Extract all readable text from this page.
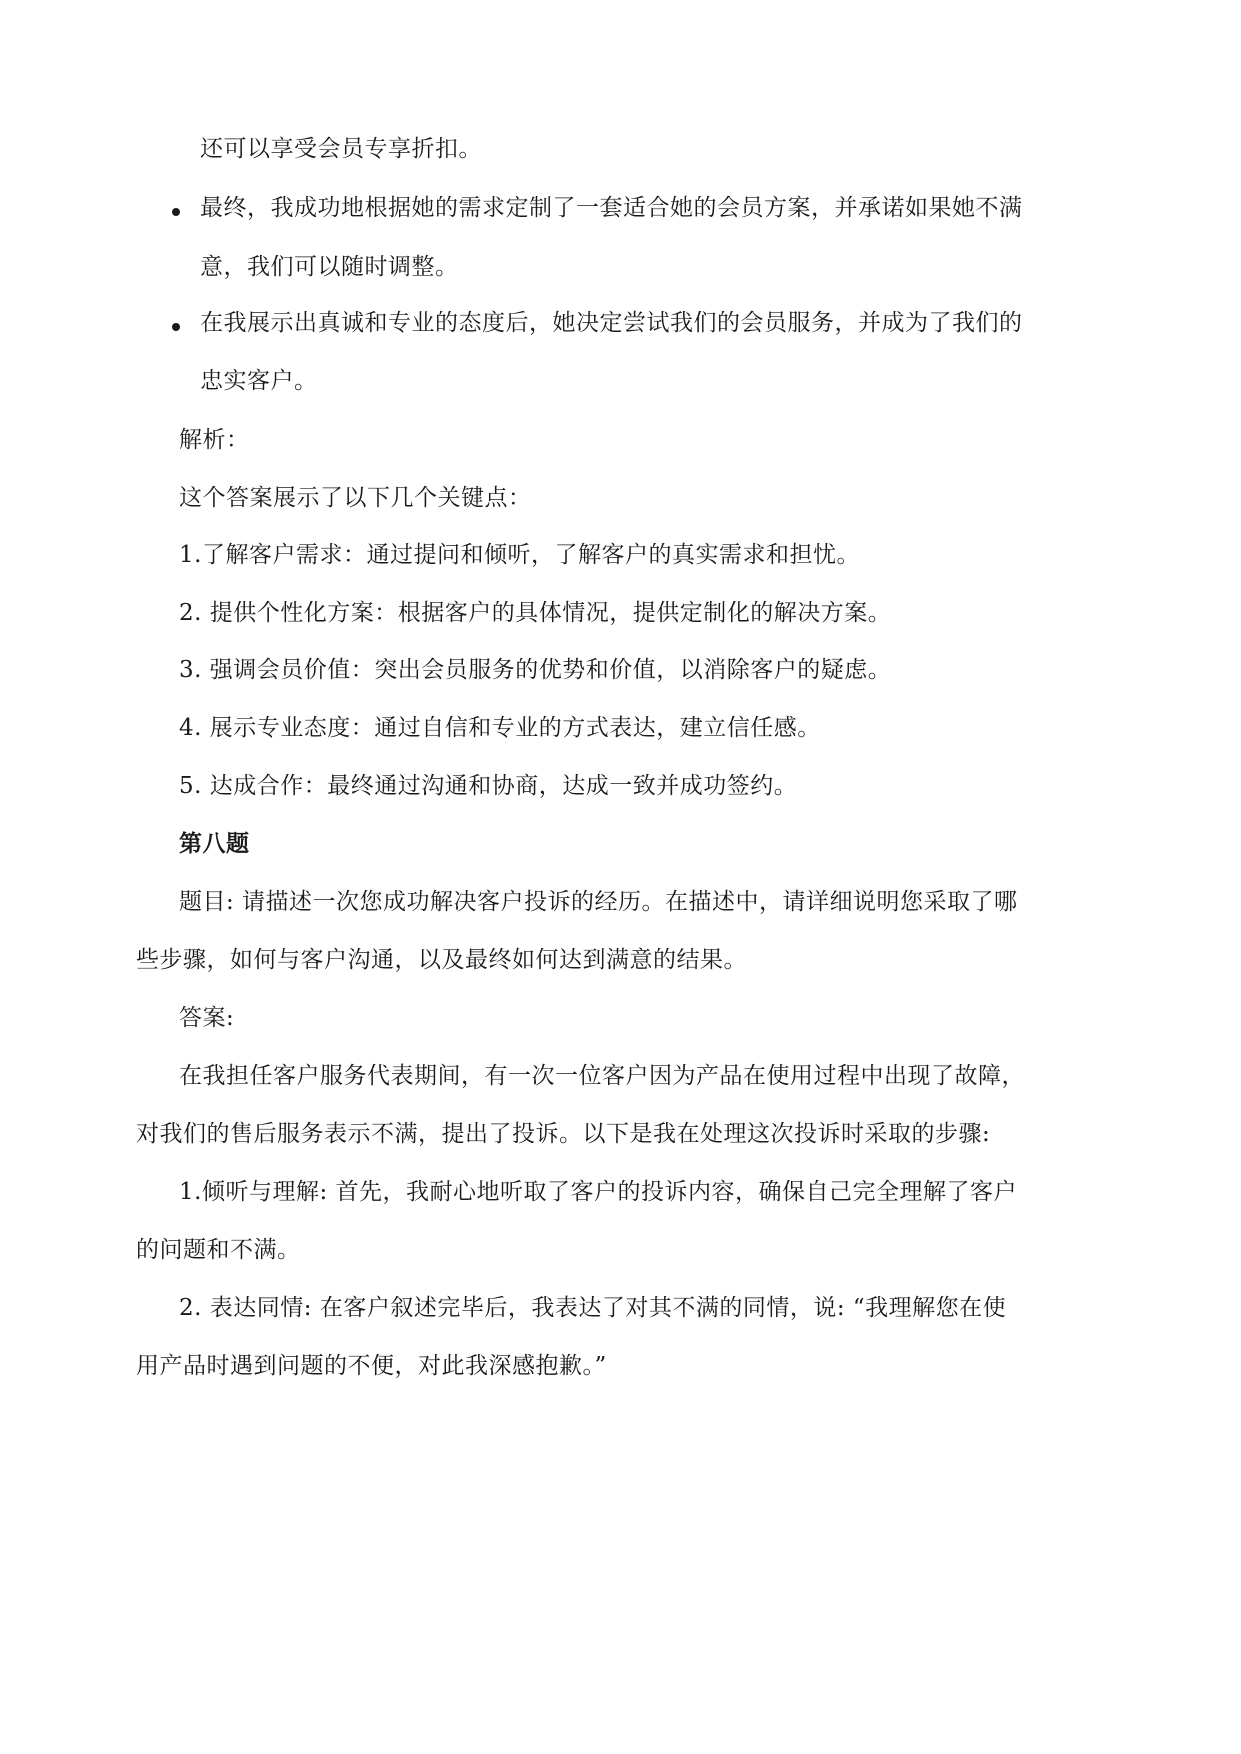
还可以享受会员专享折扣。
最终，我成功地根据她的需求定制了一套适合她的会员方案，并承诺如果她不满
意，我们可以随时调整。
在我展示出真诚和专业的态度后，她决定尝试我们的会员服务，并成为了我们的
忠实客户。
解析：
这个答案展示了以下几个关键点：
1.了解客户需求：通过提问和倾听，了解客户的真实需求和担忧。
2. 提供个性化方案：根据客户的具体情况，提供定制化的解决方案。
3. 强调会员价值：突出会员服务的优势和价值，以消除客户的疑虑。
4. 展示专业态度：通过自信和专业的方式表达，建立信任感。
5. 达成合作：最终通过沟通和协商，达成一致并成功签约。
第八题
题目: 请描述一次您成功解决客户投诉的经历。在描述中，请详细说明您采取了哪
些步骤，如何与客户沟通，以及最终如何达到满意的结果。
答案:
在我担任客户服务代表期间，有一次一位客户因为产品在使用过程中出现了故障，
对我们的售后服务表示不满，提出了投诉。以下是我在处理这次投诉时采取的步骤:
1.倾听与理解: 首先，我耐心地听取了客户的投诉内容，确保自己完全理解了客户
的问题和不满。
2. 表达同情: 在客户叙述完毕后，我表达了对其不满的同情，说: “我理解您在使
用产品时遇到问题的不便，对此我深感抱歉。”
